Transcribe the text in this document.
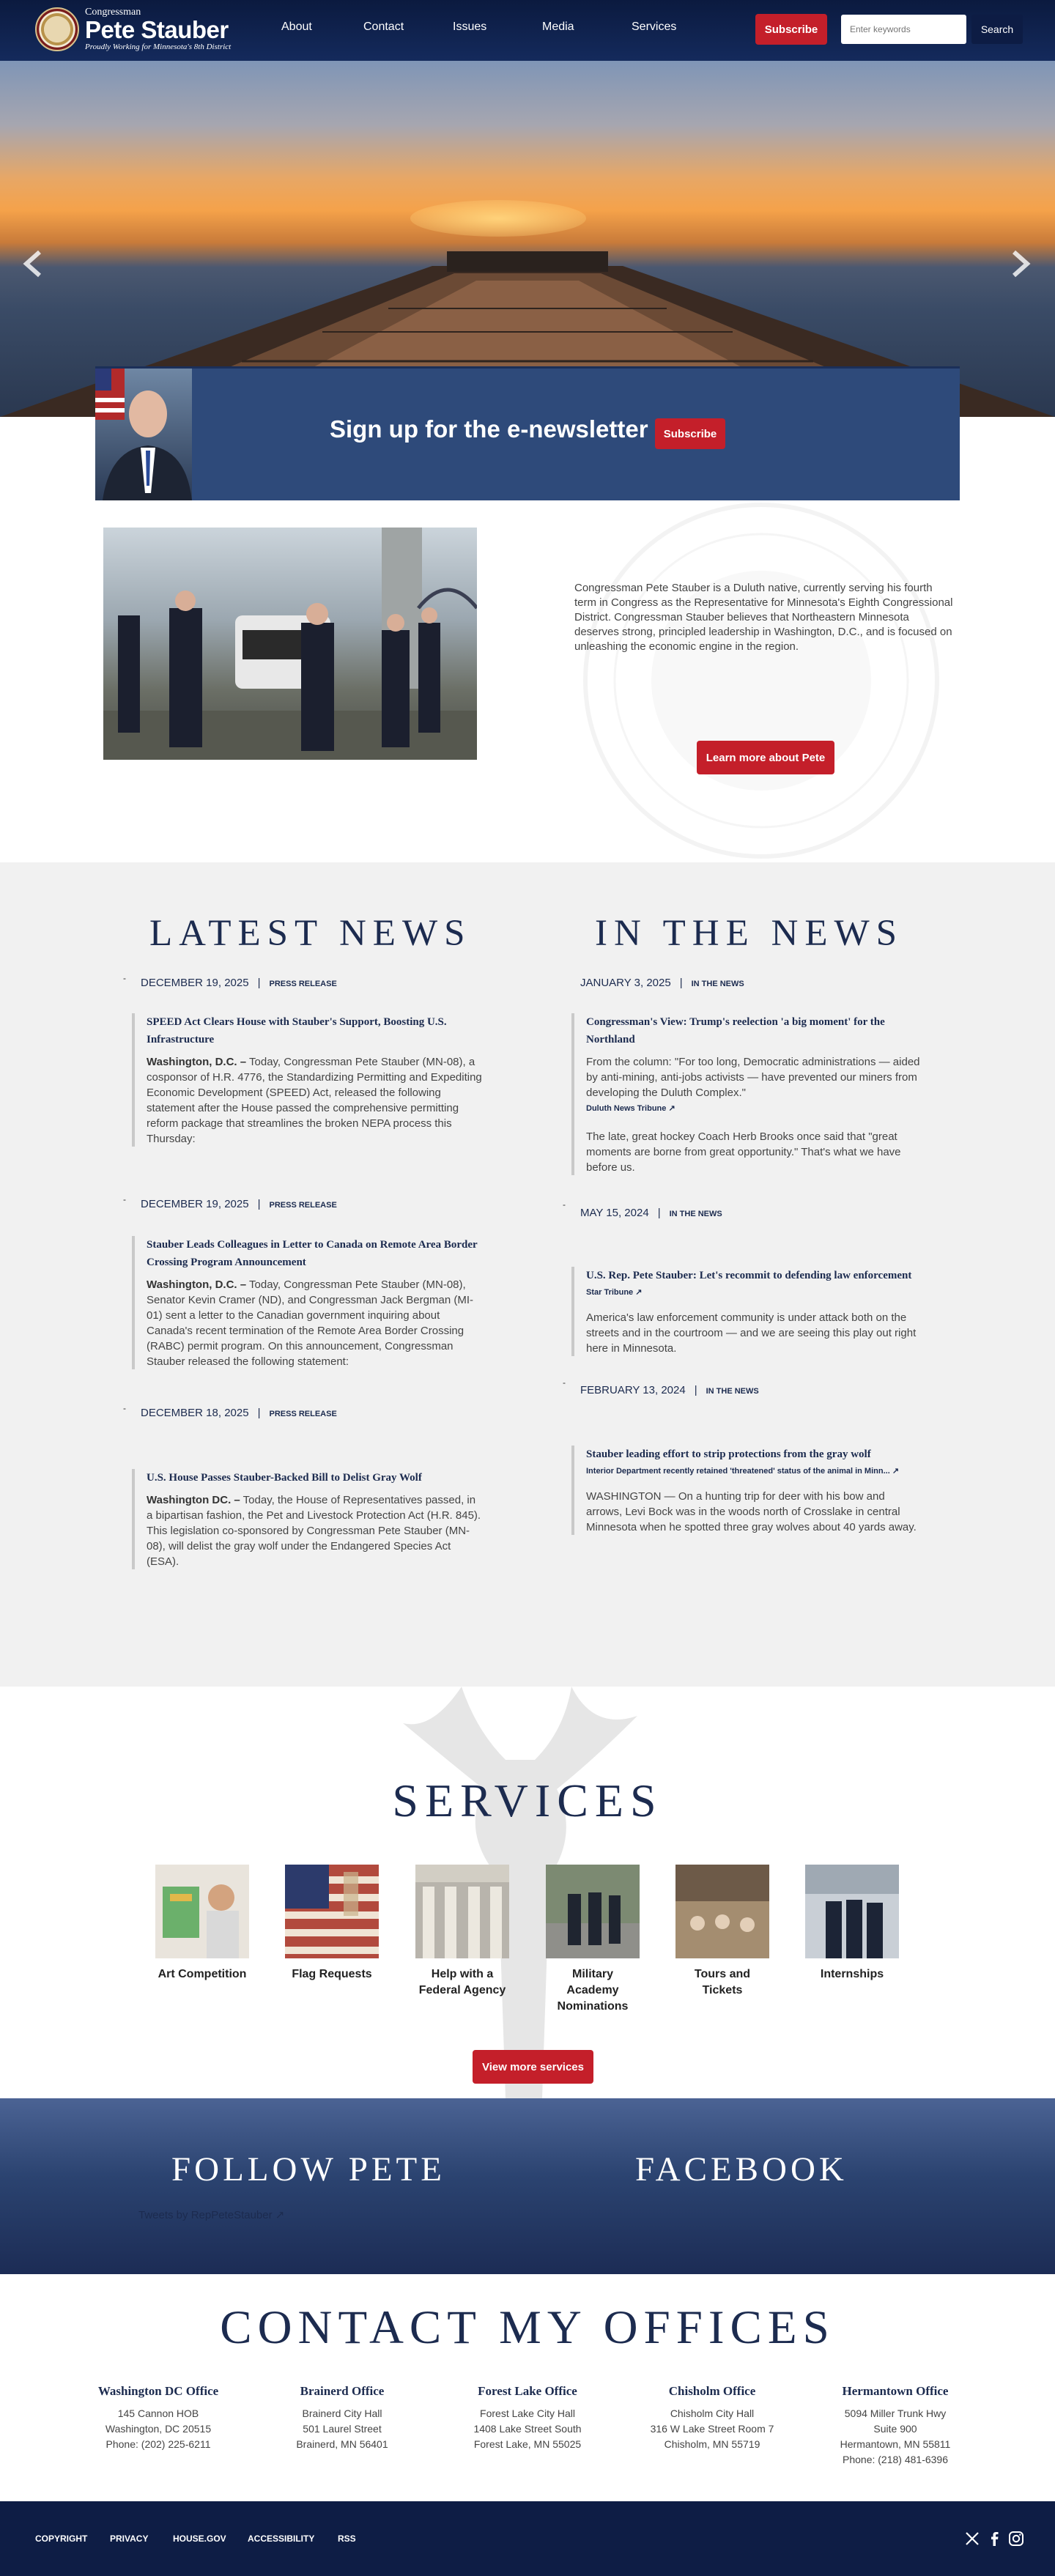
Congressman
Pete Stauber
Proudly Working for Minnesota's 8th District
About	Contact	Issues	Media	Services	Subscribe
Enter keywords	Search
Sign up for the e-newsletter	Subscribe
Congressman Pete Stauber is a Duluth native, currently serving his fourth term in Congress as the Representative for Minnesota's Eighth Congressional District. Congressman Stauber believes that Northeastern Minnesota deserves strong, principled leadership in Washington, D.C., and is focused on unleashing the economic engine in the region.
Learn more about Pete
LATEST NEWS	IN THE NEWS
- DECEMBER 19, 2025 | PRESS RELEASE
SPEED Act Clears House with Stauber's Support, Boosting U.S. Infrastructure

Washington, D.C. – Today, Congressman Pete Stauber (MN-08), a cosponsor of H.R. 4776, the Standardizing Permitting and Expediting Economic Development (SPEED) Act, released the following statement after the House passed the comprehensive permitting reform package that streamlines the broken NEPA process this Thursday:

- DECEMBER 19, 2025 | PRESS RELEASE
Stauber Leads Colleagues in Letter to Canada on Remote Area Border Crossing Program Announcement

Washington, D.C. – Today, Congressman Pete Stauber (MN-08), Senator Kevin Cramer (ND), and Congressman Jack Bergman (MI-01) sent a letter to the Canadian government inquiring about Canada's recent termination of the Remote Area Border Crossing (RABC) permit program. On this announcement, Congressman Stauber released the following statement:

- DECEMBER 18, 2025 | PRESS RELEASE
U.S. House Passes Stauber-Backed Bill to Delist Gray Wolf

Washington DC. – Today, the House of Representatives passed, in a bipartisan fashion, the Pet and Livestock Protection Act (H.R. 845). This legislation co-sponsored by Congressman Pete Stauber (MN-08), will delist the gray wolf under the Endangered Species Act (ESA).

JANUARY 3, 2025 | IN THE NEWS
Congressman's View: Trump's reelection 'a big moment' for the Northland

From the column: "For too long, Democratic administrations — aided by anti-mining, anti-jobs activists — have prevented our miners from developing the Duluth Complex."

Duluth News Tribune ↗

The late, great hockey Coach Herb Brooks once said that "great moments are borne from great opportunity." That's what we have before us.

-
MAY 15, 2024 | IN THE NEWS
U.S. Rep. Pete Stauber: Let's recommit to defending law enforcement
Star Tribune ↗

America's law enforcement community is under attack both on the streets and in the courtroom — and we are seeing this play out right here in Minnesota.

-
FEBRUARY 13, 2024 | IN THE NEWS
Stauber leading effort to strip protections from the gray wolf
Interior Department recently retained 'threatened' status of the animal in Minn... ↗

WASHINGTON — On a hunting trip for deer with his bow and arrows, Levi Bock was in the woods north of Crosslake in central Minnesota when he spotted three gray wolves about 40 yards away.

SERVICES
Art Competition	Flag Requests	Help with a Federal Agency
Military Academy Nominations
Tours and Tickets
Internships
View more services
FOLLOW PETE	FACEBOOK
Tweets by RepPeteStauber ↗
CONTACT MY OFFICES
Washington DC Office
145 Cannon HOB
Washington, DC 20515
Phone: (202) 225-6211
Brainerd Office
Brainerd City Hall
501 Laurel Street
Brainerd, MN 56401
Forest Lake Office
Forest Lake City Hall
1408 Lake Street South
Forest Lake, MN 55025
Chisholm Office
Chisholm City Hall
316 W Lake Street Room 7
Chisholm, MN 55719
Hermantown Office
5094 Miller Trunk Hwy
Suite 900
Hermantown, MN 55811
Phone: (218) 481-6396
COPYRIGHT	PRIVACY	HOUSE.GOV ACCESSIBILITY	RSS
